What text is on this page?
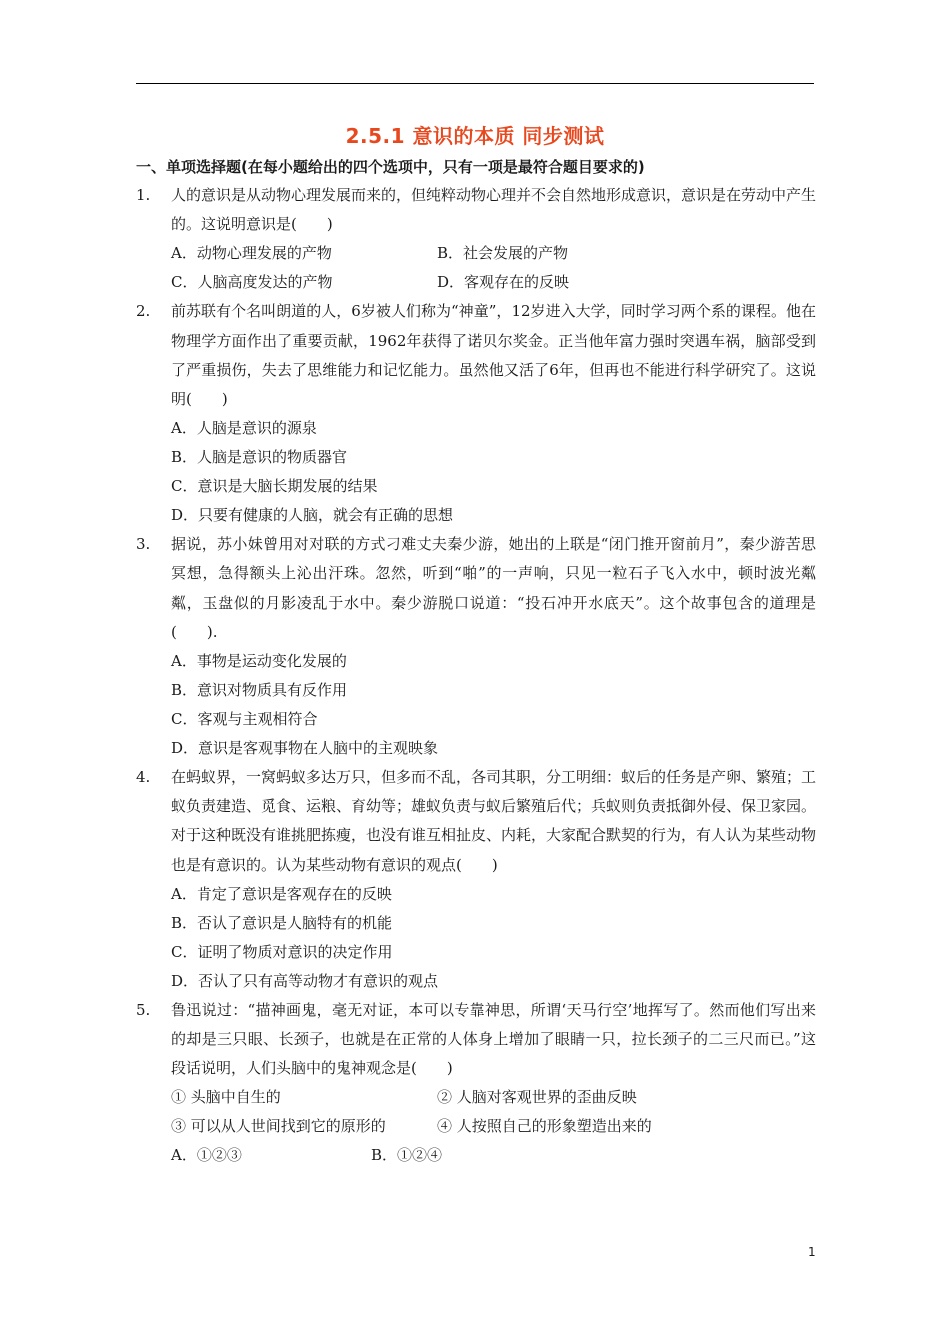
2.5.1 意识的本质 同步测试
一、单项选择题(在每小题给出的四个选项中，只有一项是最符合题目要求的)
1. 人的意识是从动物心理发展而来的，但纯粹动物心理并不会自然地形成意识，意识是在劳动中产生的。这说明意识是(　　)
A．动物心理发展的产物	B．社会发展的产物
C．人脑高度发达的产物	D．客观存在的反映
2. 前苏联有个名叫朗道的人，6岁被人们称为“神童”，12岁进入大学，同时学习两个系的课程。他在物理学方面作出了重要贡献，1962年获得了诺贝尔奖金。正当他年富力强时突遇车祸，脑部受到了严重损伤，失去了思维能力和记忆能力。虽然他又活了6年，但再也不能进行科学研究了。这说明(　　)
A．人脑是意识的源泉
B．人脑是意识的物质器官
C．意识是大脑长期发展的结果
D．只要有健康的人脑，就会有正确的思想
3. 据说，苏小妹曾用对对联的方式刁难丈夫秦少游，她出的上联是“闭门推开窗前月”，秦少游苦思冥想，急得额头上沁出汗珠。忽然，听到“啪”的一声响，只见一粒石子飞入水中，顿时波光粼粼，玉盘似的月影凌乱于水中。秦少游脱口说道：“投石冲开水底天”。这个故事包含的道理是(　　).
A．事物是运动变化发展的
B．意识对物质具有反作用
C．客观与主观相符合
D．意识是客观事物在人脑中的主观映象
4. 在蚂蚁界，一窝蚂蚁多达万只，但多而不乱，各司其职，分工明细：蚁后的任务是产卵、繁殖；工蚁负责建造、觅食、运粮、育幼等；雄蚁负责与蚁后繁殖后代；兵蚁则负责抵御外侵、保卫家园。对于这种既没有谁挑肥拣瘦，也没有谁互相扯皮、内耗，大家配合默契的行为，有人认为某些动物也是有意识的。认为某些动物有意识的观点(　　)
A．肯定了意识是客观存在的反映
B．否认了意识是人脑特有的机能
C．证明了物质对意识的决定作用
D．否认了只有高等动物才有意识的观点
5. 鲁迅说过：“描神画鬼，毫无对证，本可以专靠神思，所谓‘天马行空’地挥写了。然而他们写出来的却是三只眼、长颈子，也就是在正常的人体身上增加了眼睛一只，拉长颈子的二三尺而已。”这段话说明，人们头脑中的鬼神观念是(　　)
① 头脑中自生的	② 人脑对客观世界的歪曲反映
③ 可以从人世间找到它的原形的	④ 人按照自己的形象塑造出来的
A．①②③	B．①②④
1
